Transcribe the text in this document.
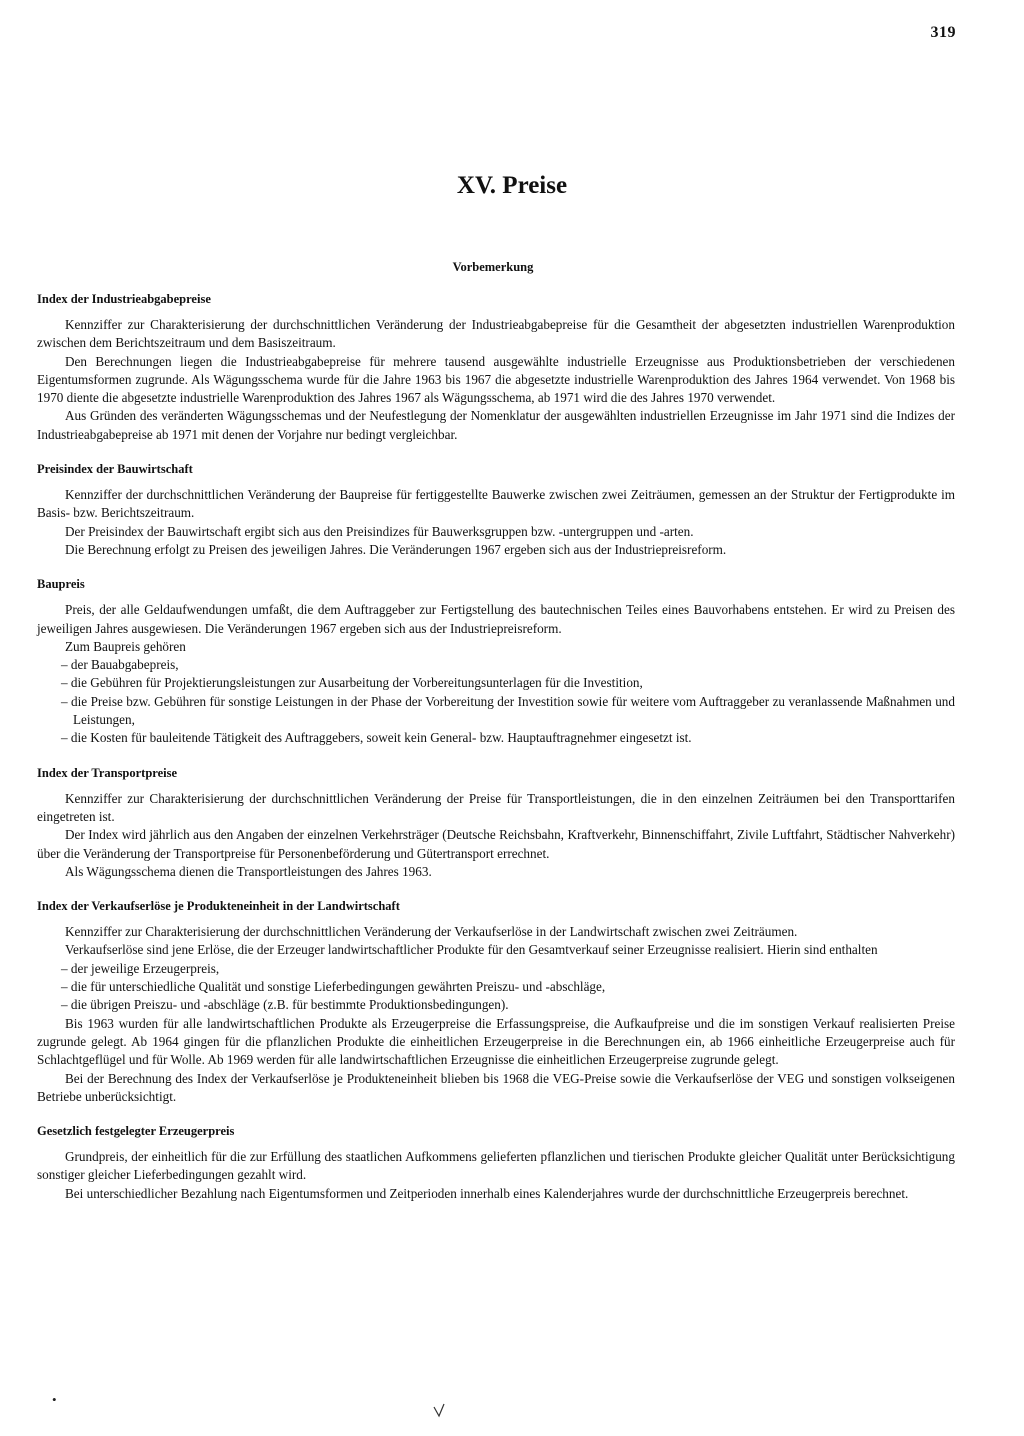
319
XV. Preise
Vorbemerkung
Index der Industrieabgabepreise

Kennziffer zur Charakterisierung der durchschnittlichen Veränderung der Industrieabgabepreise für die Gesamtheit der abgesetzten industriellen Warenproduktion zwischen dem Berichtszeitraum und dem Basiszeitraum.

Den Berechnungen liegen die Industrieabgabepreise für mehrere tausend ausgewählte industrielle Erzeugnisse aus Produktionsbetrieben der verschiedenen Eigentumsformen zugrunde. Als Wägungsschema wurde für die Jahre 1963 bis 1967 die abgesetzte industrielle Warenproduktion des Jahres 1964 verwendet. Von 1968 bis 1970 diente die abgesetzte industrielle Warenproduktion des Jahres 1967 als Wägungsschema, ab 1971 wird die des Jahres 1970 verwendet.

Aus Gründen des veränderten Wägungsschemas und der Neufestlegung der Nomenklatur der ausgewählten industriellen Erzeugnisse im Jahr 1971 sind die Indizes der Industrieabgabepreise ab 1971 mit denen der Vorjahre nur bedingt vergleichbar.

Preisindex der Bauwirtschaft

Kennziffer der durchschnittlichen Veränderung der Baupreise für fertiggestellte Bauwerke zwischen zwei Zeiträumen, gemessen an der Struktur der Fertigprodukte im Basis- bzw. Berichtszeitraum.

Der Preisindex der Bauwirtschaft ergibt sich aus den Preisindizes für Bauwerksgruppen bzw. -untergruppen und -arten.

Die Berechnung erfolgt zu Preisen des jeweiligen Jahres. Die Veränderungen 1967 ergeben sich aus der Industriepreisreform.

Baupreis

Preis, der alle Geldaufwendungen umfaßt, die dem Auftraggeber zur Fertigstellung des bautechnischen Teiles eines Bauvorhabens entstehen. Er wird zu Preisen des jeweiligen Jahres ausgewiesen. Die Veränderungen 1967 ergeben sich aus der Industriepreisreform.

Zum Baupreis gehören

– der Bauabgabepreis,
– die Gebühren für Projektierungsleistungen zur Ausarbeitung der Vorbereitungsunterlagen für die Investition,
– die Preise bzw. Gebühren für sonstige Leistungen in der Phase der Vorbereitung der Investition sowie für weitere vom Auftraggeber zu veranlassende Maßnahmen und Leistungen,
– die Kosten für bauleitende Tätigkeit des Auftraggebers, soweit kein General- bzw. Hauptauftragnehmer eingesetzt ist.
Index der Transportpreise

Kennziffer zur Charakterisierung der durchschnittlichen Veränderung der Preise für Transportleistungen, die in den einzelnen Zeiträumen bei den Transporttarifen eingetreten ist.

Der Index wird jährlich aus den Angaben der einzelnen Verkehrsträger (Deutsche Reichsbahn, Kraftverkehr, Binnenschiffahrt, Zivile Luftfahrt, Städtischer Nahverkehr) über die Veränderung der Transportpreise für Personenbeförderung und Gütertransport errechnet.

Als Wägungsschema dienen die Transportleistungen des Jahres 1963.

Index der Verkaufserlöse je Produkteneinheit in der Landwirtschaft

Kennziffer zur Charakterisierung der durchschnittlichen Veränderung der Verkaufserlöse in der Landwirtschaft zwischen zwei Zeiträumen.

Verkaufserlöse sind jene Erlöse, die der Erzeuger landwirtschaftlicher Produkte für den Gesamtverkauf seiner Erzeugnisse realisiert. Hierin sind enthalten

– der jeweilige Erzeugerpreis,
– die für unterschiedliche Qualität und sonstige Lieferbedingungen gewährten Preiszu- und -abschläge,
– die übrigen Preiszu- und -abschläge (z.B. für bestimmte Produktionsbedingungen).

Bis 1963 wurden für alle landwirtschaftlichen Produkte als Erzeugerpreise die Erfassungspreise, die Aufkaufpreise und die im sonstigen Verkauf realisierten Preise zugrunde gelegt. Ab 1964 gingen für die pflanzlichen Produkte die einheitlichen Erzeugerpreise in die Berechnungen ein, ab 1966 einheitliche Erzeugerpreise auch für Schlachtgeflügel und für Wolle. Ab 1969 werden für alle landwirtschaftlichen Erzeugnisse die einheitlichen Erzeugerpreise zugrunde gelegt.

Bei der Berechnung des Index der Verkaufserlöse je Produkteneinheit blieben bis 1968 die VEG-Preise sowie die Verkaufserlöse der VEG und sonstigen volkseigenen Betriebe unberücksichtigt.

Gesetzlich festgelegter Erzeugerpreis

Grundpreis, der einheitlich für die zur Erfüllung des staatlichen Aufkommens gelieferten pflanzlichen und tierischen Produkte gleicher Qualität unter Berücksichtigung sonstiger gleicher Lieferbedingungen gezahlt wird.

Bei unterschiedlicher Bezahlung nach Eigentumsformen und Zeitperioden innerhalb eines Kalenderjahres wurde der durchschnittliche Erzeugerpreis berechnet.

•
